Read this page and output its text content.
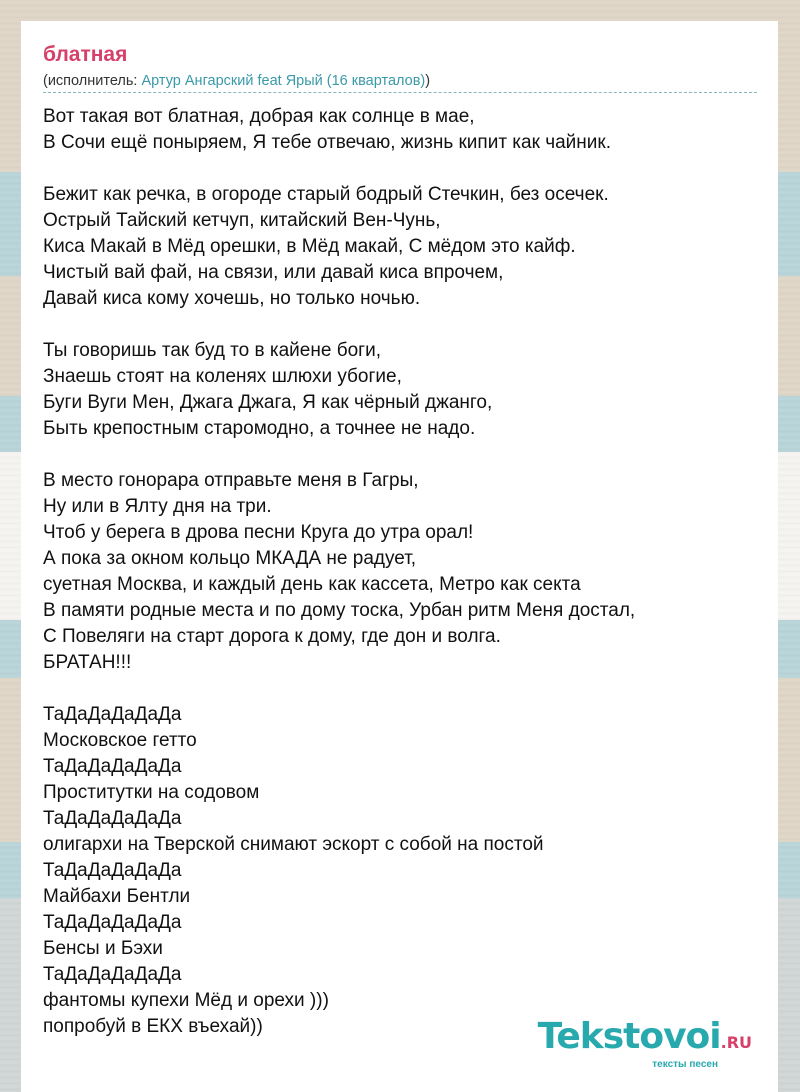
блатная
(исполнитель: Артур Ангарский feat Ярый (16 кварталов))
Вот такая вот блатная, добрая как солнце в мае,
В Сочи ещё поныряем, Я тебе отвечаю, жизнь кипит как чайник.
Бежит как речка, в огороде старый бодрый Стечкин, без осечек.
Острый Тайский кетчуп, китайский Вен-Чунь,
Киса Макай в Мёд орешки, в Мёд макай, С мёдом это кайф.
Чистый вай фай, на связи, или давай киса впрочем,
Давай киса кому хочешь, но только ночью.
Ты говоришь так буд то в кайене боги,
Знаешь стоят на коленях шлюхи убогие,
Буги Вуги Мен, Джага Джага, Я как чёрный джанго,
Быть крепостным старомодно, а точнее не надо.
В место гонорара отправьте меня в Гагры,
Ну или в Ялту дня на три.
Чтоб у берега в дрова песни Круга до утра орал!
А пока за окном кольцо МКАДА не радует,
суетная Москва, и каждый день как кассета, Метро как секта
В памяти родные места и по дому тоска, Урбан ритм Меня достал,
С Повеляги на старт дорога к дому, где дон и волга.
БРАТАН!!!
ТаДаДаДаДаДа
Московское гетто
ТаДаДаДаДаДа
Проститутки на содовом
ТаДаДаДаДаДа
олигархи на Тверской снимают эскорт с собой на постой
ТаДаДаДаДаДа
Майбахи Бентли
ТаДаДаДаДаДа
Бенсы и Бэхи
ТаДаДаДаДаДа
фантомы купехи Мёд и орехи )))
попробуй в ЕКХ въехай))	Tekstovoi.RU
тексты песен
